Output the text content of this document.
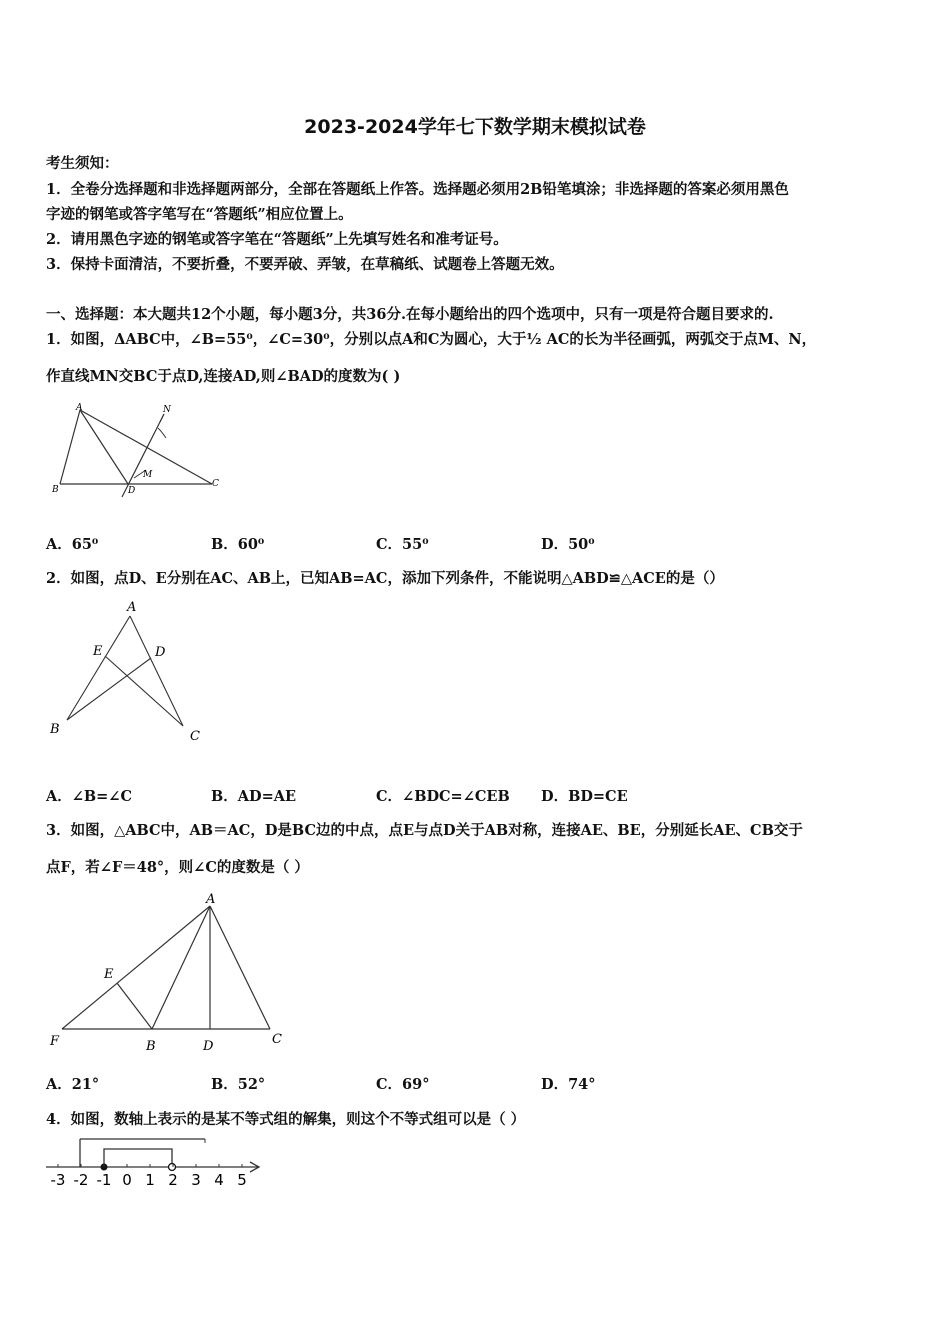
2023-2024学年七下数学期末模拟试卷
考生须知：
1．全卷分选择题和非选择题两部分，全部在答题纸上作答。选择题必须用2B铅笔填涂；非选择题的答案必须用黑色
字迹的钢笔或答字笔写在“答题纸”相应位置上。
2．请用黑色字迹的钢笔或答字笔在“答题纸”上先填写姓名和准考证号。
3．保持卡面清洁，不要折叠，不要弄破、弄皱，在草稿纸、试题卷上答题无效。
一、选择题：本大题共12个小题，每小题3分，共36分.在每小题给出的四个选项中，只有一项是符合题目要求的.
1．如图，ΔABC中，∠B=55⁰，∠C=30⁰，分别以点A和C为圆心，大于½ AC的长为半径画弧，两弧交于点M、N，
作直线MN交BC于点D,连接AD,则∠BAD的度数为( )
A
B
C
D
M
N
A．65⁰	B．60⁰	C．55⁰	D．50⁰
2．如图，点D、E分别在AC、AB上，已知AB=AC，添加下列条件，不能说明△ABD≌△ACE的是（）
A
B	C
D
E
A．∠B=∠C	B．AD=AE	C．∠BDC=∠CEB D．BD=CE
3．如图，△ABC中，AB＝AC，D是BC边的中点，点E与点D关于AB对称，连接AE、BE，分别延长AE、CB交于
点F，若∠F＝48°，则∠C的度数是（ ）
A
B	C
D
E
F
A．21°	B．52°	C．69°	D．74°
4．如图，数轴上表示的是某不等式组的解集，则这个不等式组可以是（ ）
-3 -2 -1 0 1 2 3 4 5
